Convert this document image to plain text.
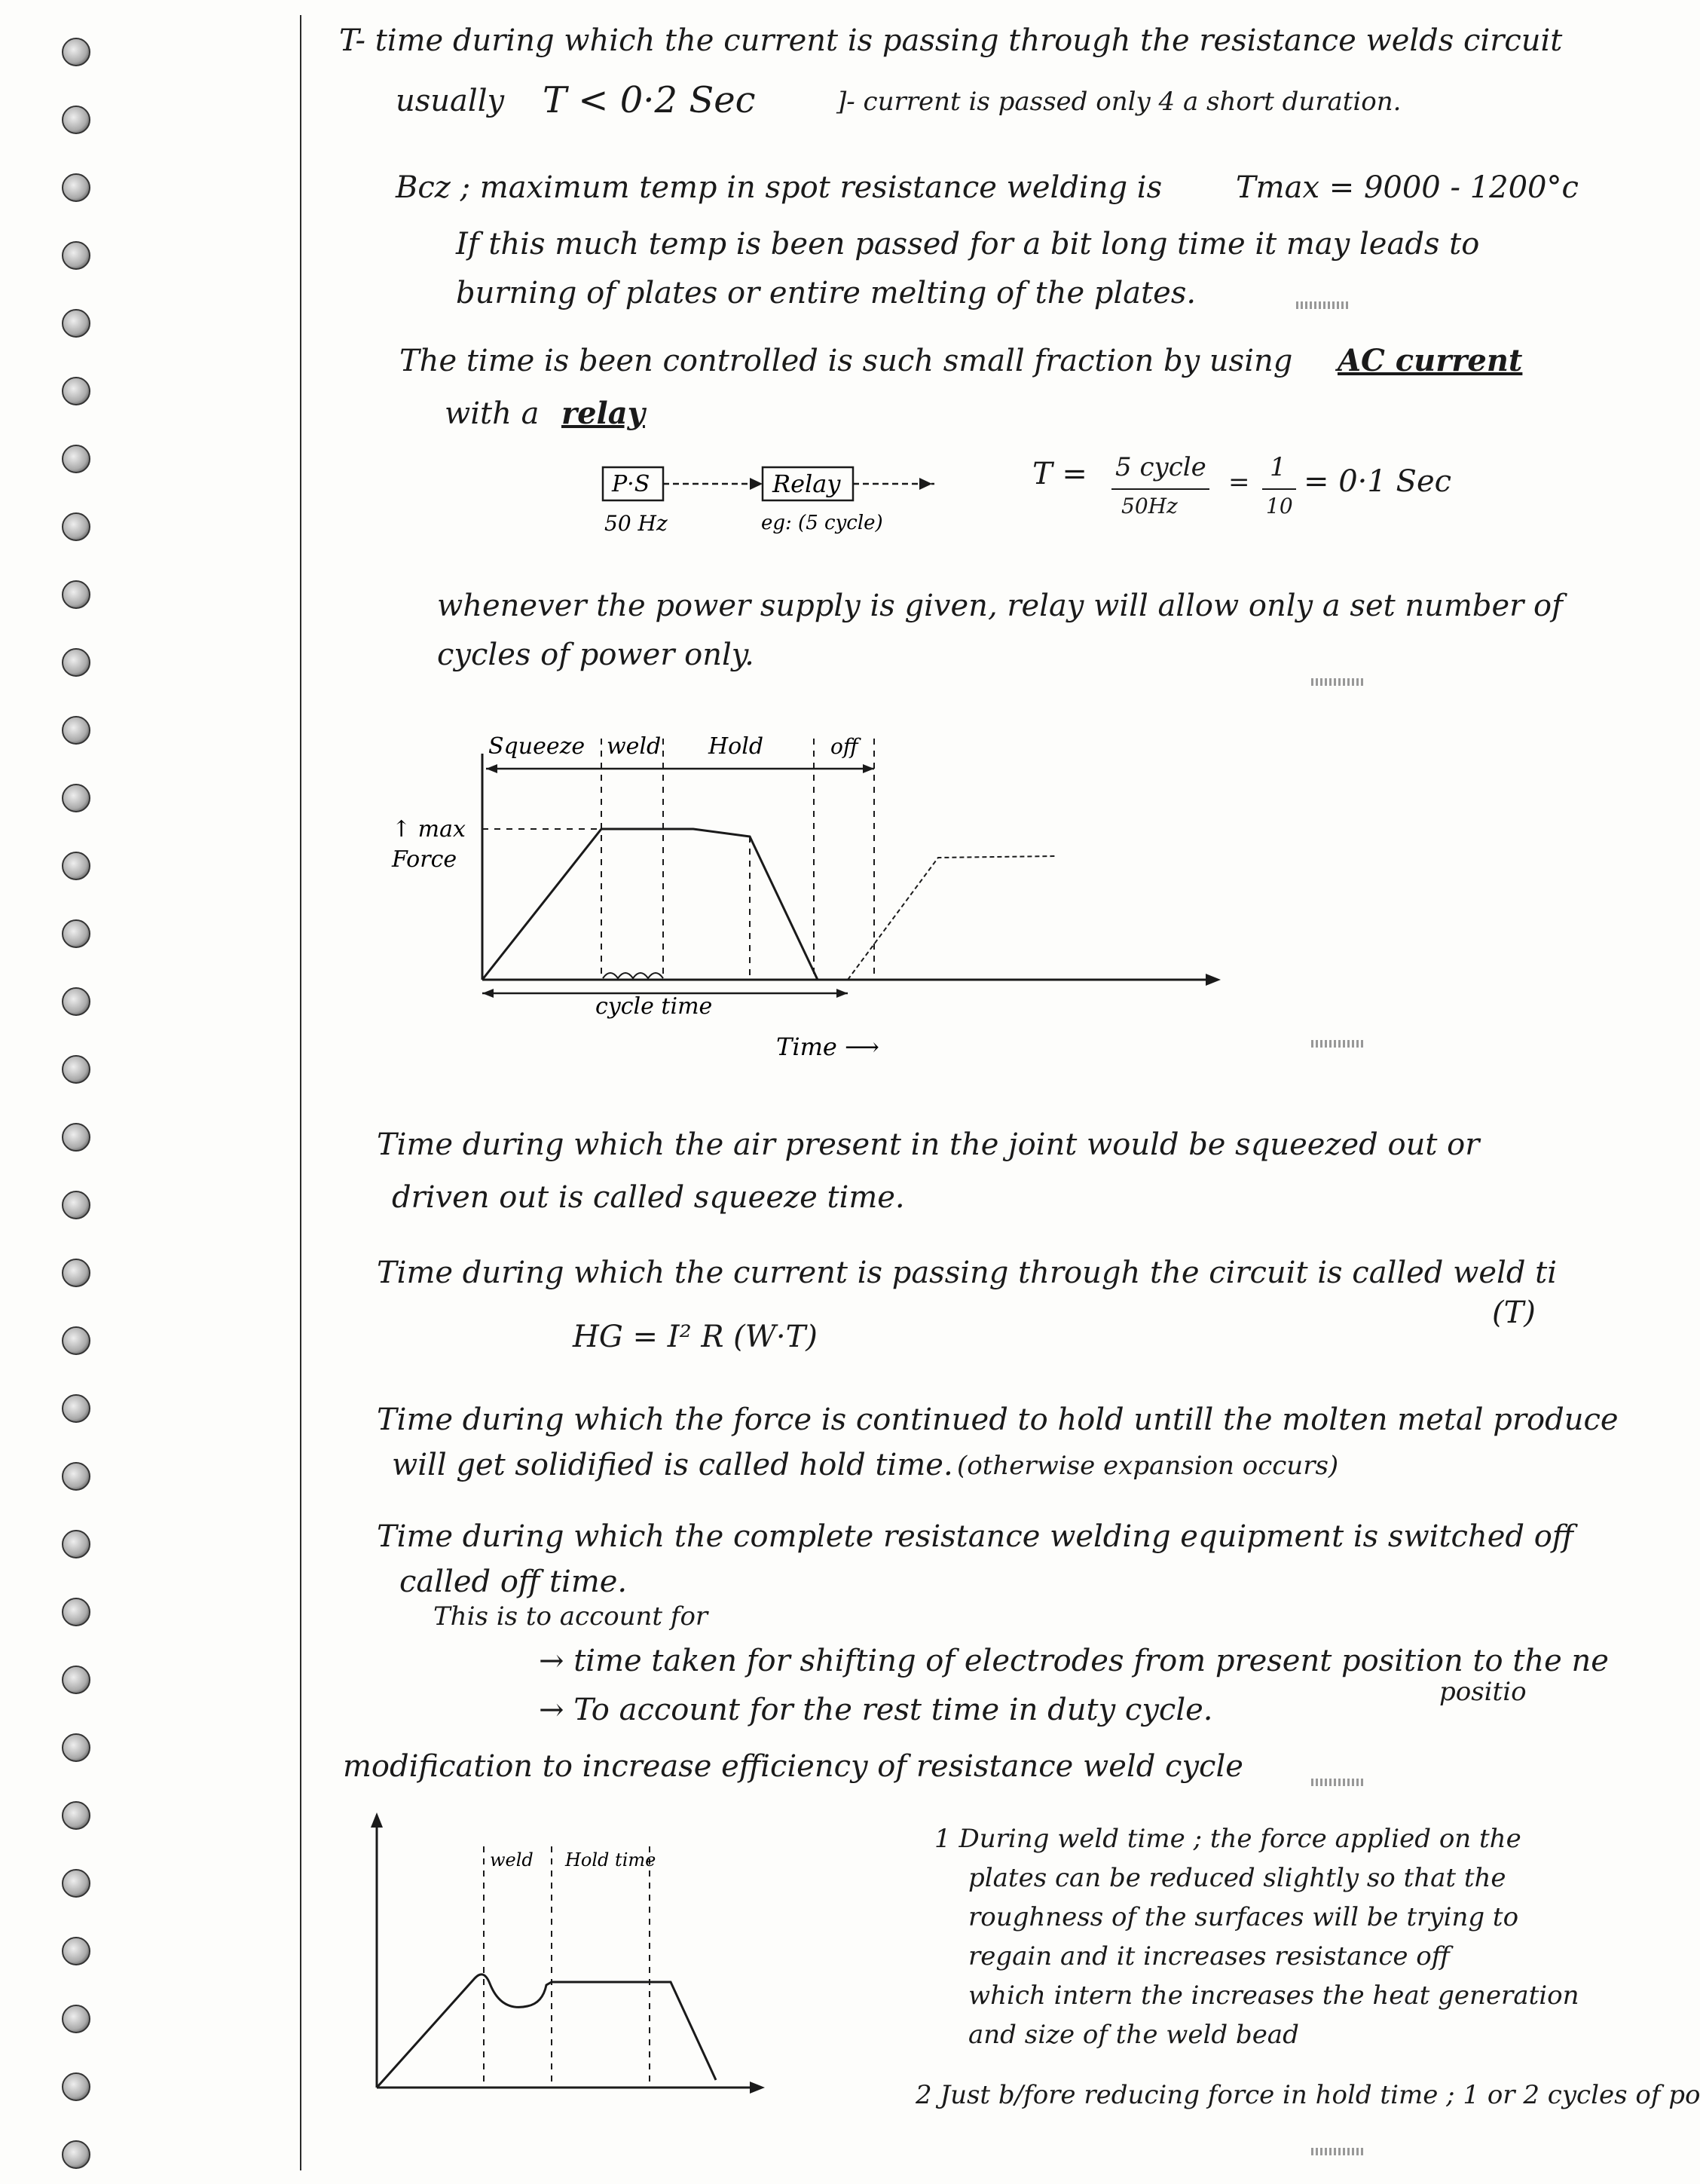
T- time during which the current is passing through the resistance welds circuit
usually T < 0·2 Sec	]- current is passed only 4 a short duration.
Bcz ; maximum temp in spot resistance welding is Tmax = 9000 - 1200°c
If this much temp is been passed for a bit long time it may leads to
burning of plates or entire melting of the plates.
The time is been controlled is such small fraction by using AC current
with a relay
P·S
50 Hz
Relay
eg: (5 cycle)
T = 5 cycle
50Hz
= 1
10
= 0·1 Sec
whenever the power supply is given, relay will allow only a set number of
cycles of power only.
Squeeze weld Hold	off
↑ max
Force
cycle time
Time ⟶
Time during which the air present in the joint would be squeezed out or
driven out is called squeeze time.
Time during which the current is passing through the circuit is called weld ti
(T)
HG = I² R (W·T)
Time during which the force is continued to hold untill the molten metal produce
will get solidified is called hold time. (otherwise expansion occurs)
Time during which the complete resistance welding equipment is switched off
called off time.
This is to account for
→ time taken for shifting of electrodes from present position to the ne
positio
→ To account for the rest time in duty cycle.
modification to increase efficiency of resistance weld cycle
weld Hold time
1 During weld time ; the force applied on the
plates can be reduced slightly so that the
roughness of the surfaces will be trying to
regain and it increases resistance off
which intern the increases the heat generation
and size of the weld bead
2 Just b/fore reducing force in hold time ; 1 or 2 cycles of po
